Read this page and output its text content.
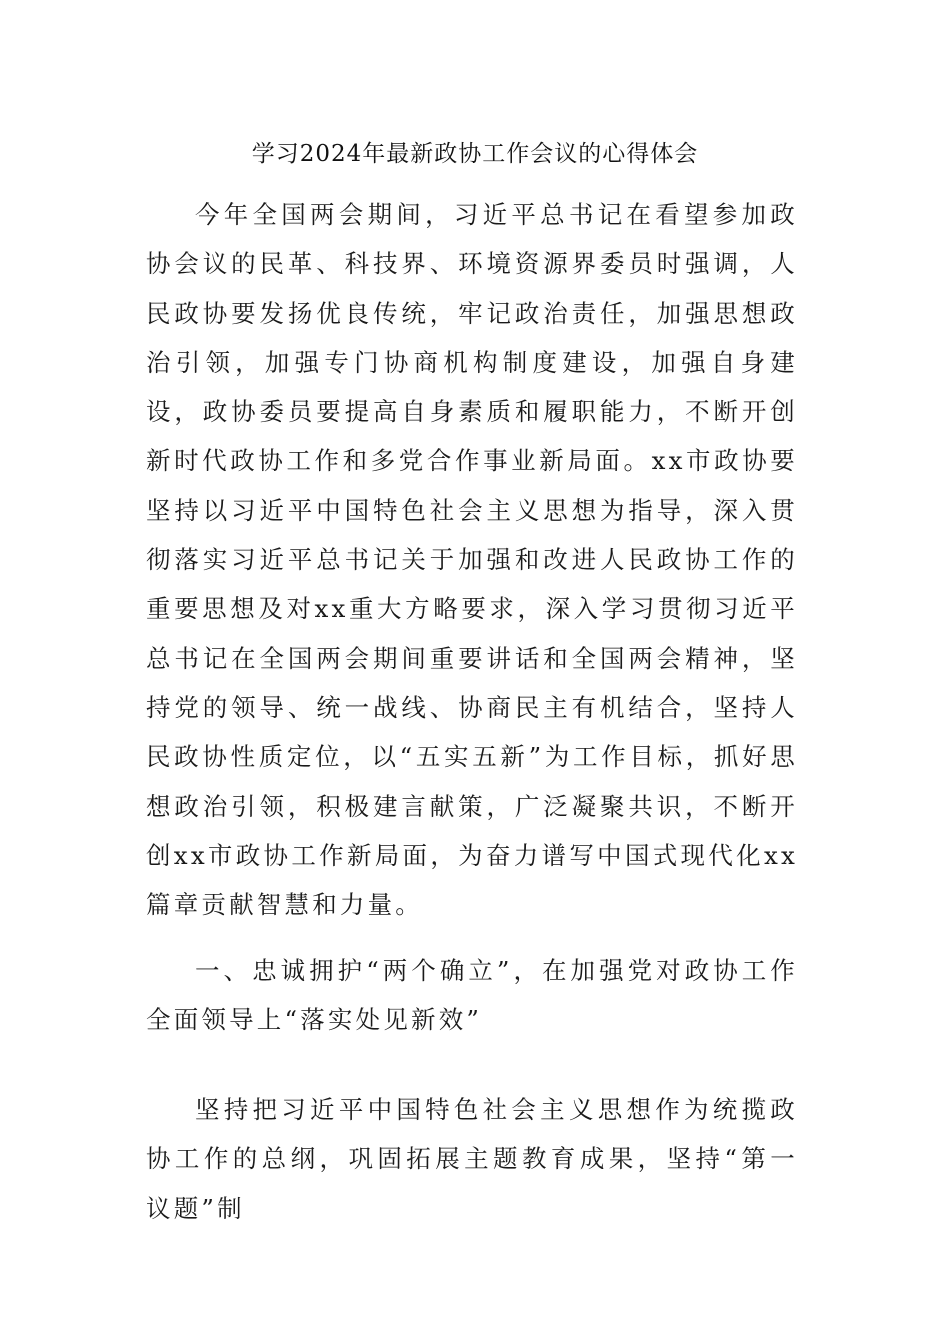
学习2024年最新政协工作会议的心得体会

今年全国两会期间，习近平总书记在看望参加政协会议的民革、科技界、环境资源界委员时强调，人民政协要发扬优良传统，牢记政治责任，加强思想政治引领，加强专门协商机构制度建设，加强自身建设，政协委员要提高自身素质和履职能力，不断开创新时代政协工作和多党合作事业新局面。xx市政协要坚持以习近平中国特色社会主义思想为指导，深入贯彻落实习近平总书记关于加强和改进人民政协工作的重要思想及对xx重大方略要求，深入学习贯彻习近平总书记在全国两会期间重要讲话和全国两会精神，坚持党的领导、统一战线、协商民主有机结合，坚持人民政协性质定位，以“五实五新”为工作目标，抓好思想政治引领，积极建言献策，广泛凝聚共识，不断开创xx市政协工作新局面，为奋力谱写中国式现代化xx篇章贡献智慧和力量。

一、忠诚拥护“两个确立”，在加强党对政协工作全面领导上“落实处见新效”

坚持把习近平中国特色社会主义思想作为统揽政协工作的总纲，巩固拓展主题教育成果，坚持“第一议题”制
